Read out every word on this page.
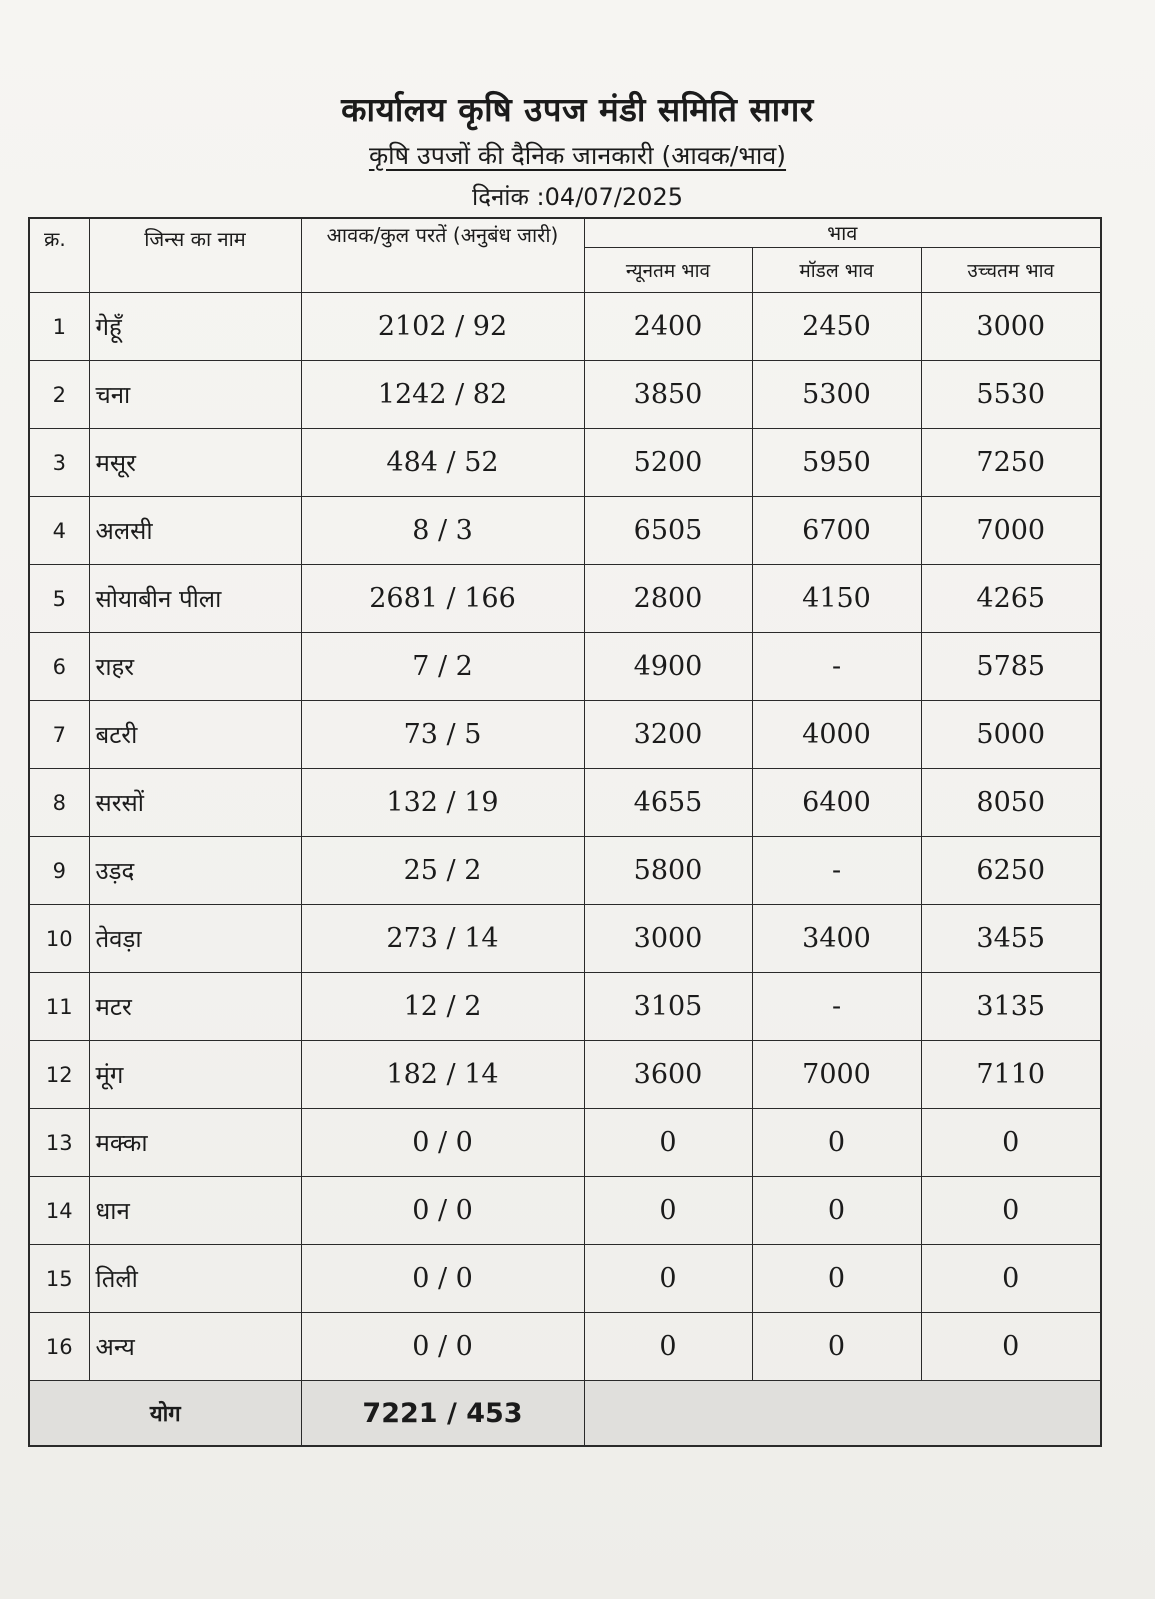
कार्यालय कृषि उपज मंडी समिति सागर
कृषि उपजों की दैनिक जानकारी (आवक/भाव)
दिनांक :04/07/2025
क्र.	जिन्स का नाम	आवक/कुल परतें (अनुबंध जारी)	भाव		
			न्यूनतम भाव	मॉडल भाव	उच्चतम भाव
1	गेहूँ	2102 / 92	2400	2450	3000
2	चना	1242 / 82	3850	5300	5530
3	मसूर	484 / 52	5200	5950	7250
4	अलसी	8 / 3	6505	6700	7000
5	सोयाबीन पीला	2681 / 166	2800	4150	4265
6	राहर	7 / 2	4900	-	5785
7	बटरी	73 / 5	3200	4000	5000
8	सरसों	132 / 19	4655	6400	8050
9	उड़द	25 / 2	5800	-	6250
10	तेवड़ा	273 / 14	3000	3400	3455
11	मटर	12 / 2	3105	-	3135
12	मूंग	182 / 14	3600	7000	7110
13	मक्का	0 / 0	0	0	0
14	धान	0 / 0	0	0	0
15	तिली	0 / 0	0	0	0
16	अन्य	0 / 0	0	0	0
योग		7221 / 453			
